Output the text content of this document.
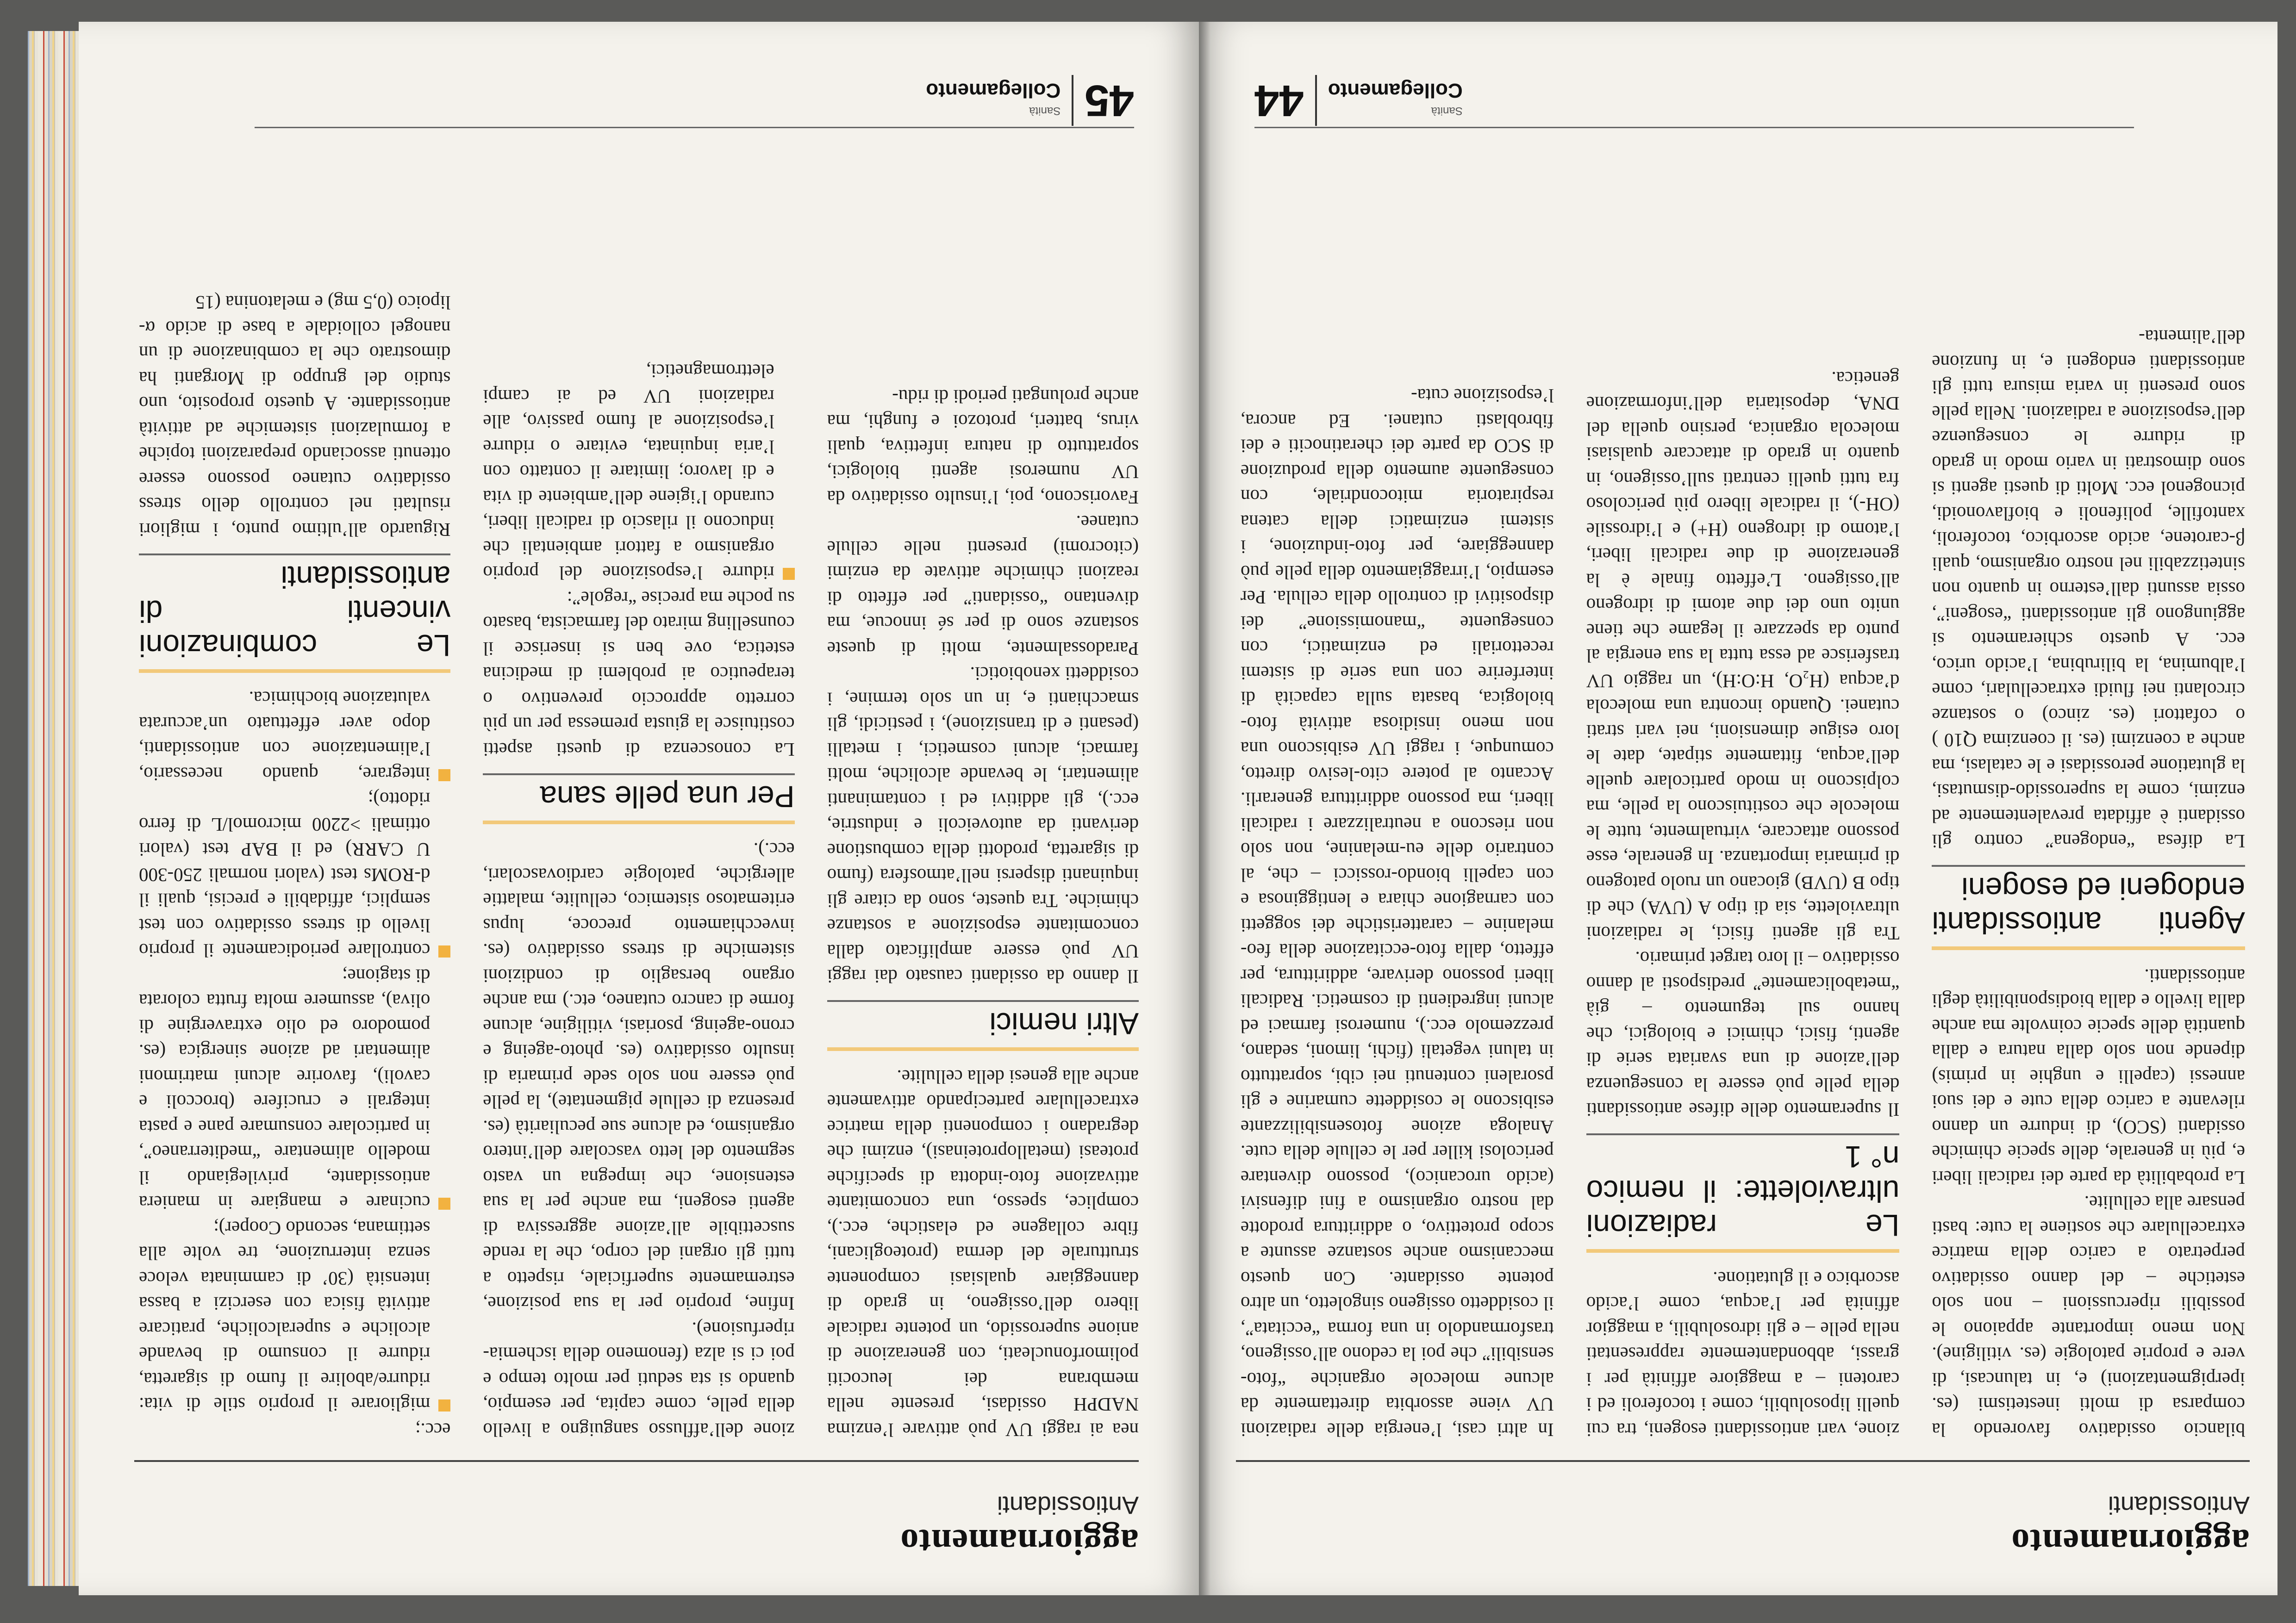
aggiornamento
Antiossidanti

bilancio ossidativo favorendo la comparsa di molti inestetismi (es. iperpigmentazioni) e, in taluncasi, di vere e proprie patologie (es. vitiligine). Non meno importante appaiono le possibili ripercussioni – non solo estetiche – del danno ossidativo perpetrato a carico della matrice extracellulare che sostiene la cute: basti pensare alla cellulite.

La probabilità da parte dei radicali liberi e, più in generale, delle specie chimiche ossidanti (SCO), di indurre un danno rilevante a carico della cute e dei suoi annessi (capelli e unghie in primis) dipende non solo dalla natura e dalla quantità delle specie coinvolte ma anche dalla livello e dalla biodisponibilità degli antiossidanti.

Agenti antiossidanti endogeni ed esogeni

La difesa “endogena” contro gli ossidanti è affidata prevalentemente ad enzimi, come la superossido-dismutasi, la glutatione perossidasi e le catalasi, ma anche a coenzimi (es. il coenzima Q10 ) o cofattori (es. zinco) o sostanze circolanti nei fluidi extracellulari, come l’albumina, la bilirubina, l’acido urico, ecc. A questo schieramento si aggiungono gli antiossidanti “esogeni”, ossia assunti dall’esterno in quanto non sintetizzabili nel nostro organismo, quali β-carotene, acido ascorbico, tocoferoli, xantofille, polifenoli e bioflavonoidi, picnogenol ecc. Molti di questi agenti si sono dimostrati in vario modo in grado di ridurre le conseguenze dell’esposizione a radiazioni. Nella pelle sono presenti in varia misura tutti gli antiossidanti endogeni e, in funzione dell’alimenta-

zione, vari antiossidanti esogeni, tra cui quelli liposolubili, come i tocoferoli ed i caroteni – a maggiore affinità per i grassi, abbondantemente rappresentati nella pelle – e gli idrosolubili, a maggior affinità per l’acqua, come l’acido ascorbico e il glutatione.

Le radiazioni ultraviolette: il nemico n° 1

Il superamento delle difese antiossidanti della pelle può essere la conseguenza dell’azione di una svariata serie di agenti, fisici, chimici e biologici, che hanno sul tegumento – già “metabolicamente” predisposti al danno ossidativo – il loro target primario.

Tra gli agenti fisici, le radiazioni ultraviolette, sia di tipo A (UVA) che di tipo B (UVB) giocano un ruolo patogeno di primaria importanza. In generale, esse possono attaccare, virtualmente, tutte le molecole che costituiscono la pelle, ma colpiscono in modo particolare quelle dell’acqua, fittamente stipate, date le loro esigue dimensioni, nei vari strati cutanei. Quando incontra una molecola d’acqua (H₂O, H:O:H), un raggio UV trasferisce ad essa tutta la sua energia al punto da spezzare il legame che tiene unito uno dei due atomi di idrogeno all’ossigeno. L’effetto finale è la generazione di due radicali liberi, l’atomo di idrogeno (H+) e l’idrossile (OH-), il radicale libero più pericoloso fra tutti quelli centrati sull’ossigeno, in quanto in grado di attaccare qualsiasi molecola organica, persino quella del DNA, depositaria dell’informazione genetica.

In altri casi, l’energia delle radiazioni UV viene assorbita direttamente da alcune molecole organiche “foto-sensibili” che poi la cedono all’ossigeno, trasformandolo in una forma “eccitata”, il cosiddetto ossigeno singoletto, un altro potente ossidante. Con questo meccanismo anche sostanze assunte a scopo protettivo, o addirittura prodotte dal nostro organismo a fini difensivi (acido urocanico), possono diventare pericolosi killer per le cellule della cute. Analoga azione fotosensibilizzante esibiscono le cosiddette cumarine e gli psoraleni contenuti nei cibi, soprattutto in taluni vegetali (fichi, limoni, sedano, prezzemolo ecc.), numerosi farmaci ed alcuni ingredienti di cosmetici. Radicali liberi possono derivare, addirittura, per effetto, dalla foto-eccitazione della feo-melanine – caratteristiche dei soggetti con carnagione chiara e lentigginosa e con capelli biondo-rossicci – che, al contrario delle eu-melanine, non solo non riescono a neutralizzare i radicali liberi, ma possono addirittura generarli. Accanto al potere cito-lesivo diretto, comunque, i raggi UV esibiscono una non meno insidiosa attività foto-biologica, basata sulla capacità di interferire con una serie di sistemi recettoriali ed enzimatici, con conseguente “manomissione” dei dispositivi di controllo della cellula. Per esempio, l’irraggiamento della pelle può danneggiare, per foto-induzione, i sistemi enzimatici della catena respiratoria mitocondriale, con conseguente aumento della produzione di SCO da parte dei cheratinociti e dei fibroblasti cutanei. Ed ancora, l’esposizione cuta-

Sanità
Collegamento
44
aggiornamento
Antiossidanti

nea ai raggi UV può attivare l’enzima NADPH ossidasi, presente nella membrana dei leucociti polimorfonucleati, con generazione di anione superossido, un potente radicale libero dell’ossigeno, in grado di danneggiare qualsiasi componente strutturale del derma (proteoglicani, fibre collagene ed elastiche, ecc.), complice, spesso, una concomitante attivazione foto-indotta di specifiche proteasi (metalloproteinasi), enzimi che degradano i componenti della matrice extracellulare partecipando attivamente anche alla genesi della cellulite.

Altri nemici

Il danno da ossidanti causato dai raggi UV può essere amplificato dalla concomitante esposizione a sostanze chimiche. Tra queste, sono da citare gli inquinanti dispersi nell’atmosfera (fumo di sigaretta, prodotti della combustione derivanti da autoveicoli e industrie, ecc.), gli additivi ed i contaminanti alimentari, le bevande alcoliche, molti farmaci, alcuni cosmetici, i metalli (pesanti e di transizione), i pesticidi, gli smacchianti e, in un solo termine, i cosiddetti xenobiotici.

Paradossalmente, molti di queste sostanze sono di per sé innocue, ma diventano “ossidanti” per effetto di reazioni chimiche attivate da enzimi (citocromi) presenti nelle cellule cutanee.

Favoriscono, poi, l’insulto ossidativo da UV numerosi agenti biologici, soprattutto di natura infettiva, quali virus, batteri, protozoi e funghi, ma anche prolungati periodi di ridu-

zione dell’afflusso sanguigno a livello della pelle, come capita, per esempio, quando si sta seduti per molto tempo e poi ci si alza (fenomeno della ischemia-riperfusione).

Infine, proprio per la sua posizione, estremamente superficiale, rispetto a tutti gli organi del corpo, che la rende suscettibile all’azione aggressiva di agenti esogeni, ma anche per la sua estensione, che impegna un vasto segmento del letto vascolare dell’intero organismo, ed alcune sue peculiarità (es. presenza di cellule pigmentate), la pelle può essere non solo sede primaria di insulto ossidativo (es. photo-ageing e crono-ageing, psoriasi, vitiligine, alcune forme di cancro cutaneo, etc.) ma anche organo bersaglio di condizioni sistemiche di stress ossidativo (es. invecchiamento precoce, lupus eritematoso sistemico, cellulite, malattie allergiche, patologie cardiovascolari, ecc.).

Per una pelle sana

La conoscenza di questi aspetti costituisce la giusta premessa per un più corretto approccio preventivo o terapeutico ai problemi di medicina estetica, ove ben si inserisce il counselling mirato del farmacista, basato su poche ma precise “regole”:

ridurre l’esposizione del proprio organismo a fattori ambientali che inducono il rilascio di radicali liberi, curando l’igiene dell’ambiente di vita e di lavoro; limitare il contatto con l’aria inquinata, evitare o ridurre l’esposizione al fumo passivo, alle radiazioni UV ed ai campi elettromagnetici,

ecc.;

migliorare il proprio stile di vita: ridurre/abolire il fumo di sigaretta, ridurre il consumo di bevande alcoliche e superalcoliche, praticare attività fisica con esercizi a bassa intensità (30’ di camminata veloce senza interruzione, tre volte alla settimana, secondo Cooper);

cucinare e mangiare in maniera antiossidante, privilegiando il modello alimentare “mediterraneo”, in particolare consumare pane e pasta integrali e crucifere (broccoli e cavoli), favorire alcuni matrimoni alimentari ad azione sinergica (es. pomodoro ed olio extravergine di oliva), assumere molta frutta colorata di stagione;

controllare periodicamente il proprio livello di stress ossidativo con test semplici, affidabili e precisi, quali il d-ROMs test (valori normali 250-300 U CARR) ed il BAP test (valori ottimali >2200 micromol/L di ferro ridotto);

integrare, quando necessario, l’alimentazione con antiossidanti, dopo aver effettuato un’accurata valutazione biochimica.

Le combinazioni vincenti di antiossidanti

Riguardo all’ultimo punto, i migliori risultati nel controllo dello stress ossidativo cutaneo possono essere ottenuti associando preparazioni topiche a formulazioni sistemiche ad attività antiossidante. A questo proposito, uno studio del gruppo di Morganti ha dimostrato che la combinazione di un nanogel colloidale a base di acido α-lipoico (0,5 mg) e melatonina (15

45
Sanità
Collegamento
